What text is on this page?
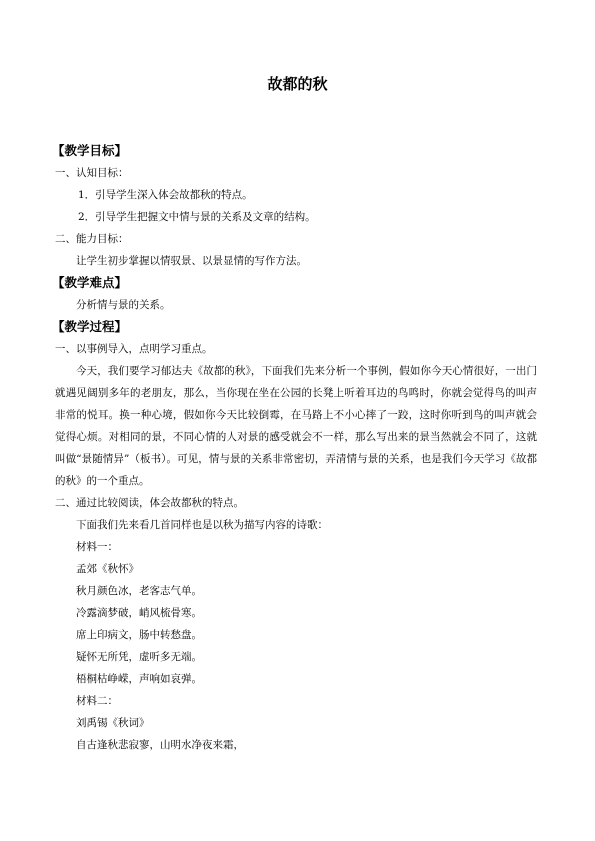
故都的秋
【教学目标】
一、认知目标：
1．引导学生深入体会故都秋的特点。
2．引导学生把握文中情与景的关系及文章的结构。
二、能力目标：
让学生初步掌握以情驭景、以景显情的写作方法。
【教学难点】
分析情与景的关系。
【教学过程】
一、以事例导入，点明学习重点。

今天，我们要学习郁达夫《故都的秋》，下面我们先来分析一个事例，假如你今天心情很好，一出门就遇见阔别多年的老朋友，那么，当你现在坐在公园的长凳上听着耳边的鸟鸣时，你就会觉得鸟的叫声非常的悦耳。换一种心境，假如你今天比较倒霉，在马路上不小心摔了一跤，这时你听到鸟的叫声就会觉得心烦。对相同的景，不同心情的人对景的感受就会不一样，那么写出来的景当然就会不同了，这就叫做“景随情异”（板书）。可见，情与景的关系非常密切，弄清情与景的关系，也是我们今天学习《故都的秋》的一个重点。

二、通过比较阅读，体会故都秋的特点。
下面我们先来看几首同样也是以秋为描写内容的诗歌：
材料一：
孟郊《秋怀》
秋月颜色冰，老客志气单。
冷露滴梦破，峭风梳骨寒。
席上印病文，肠中转愁盘。
疑怀无所凭，虚听多无端。
梧桐枯峥嵘，声响如哀弹。
材料二：
刘禹锡《秋词》
自古逢秋悲寂寥，山明水净夜来霜，
